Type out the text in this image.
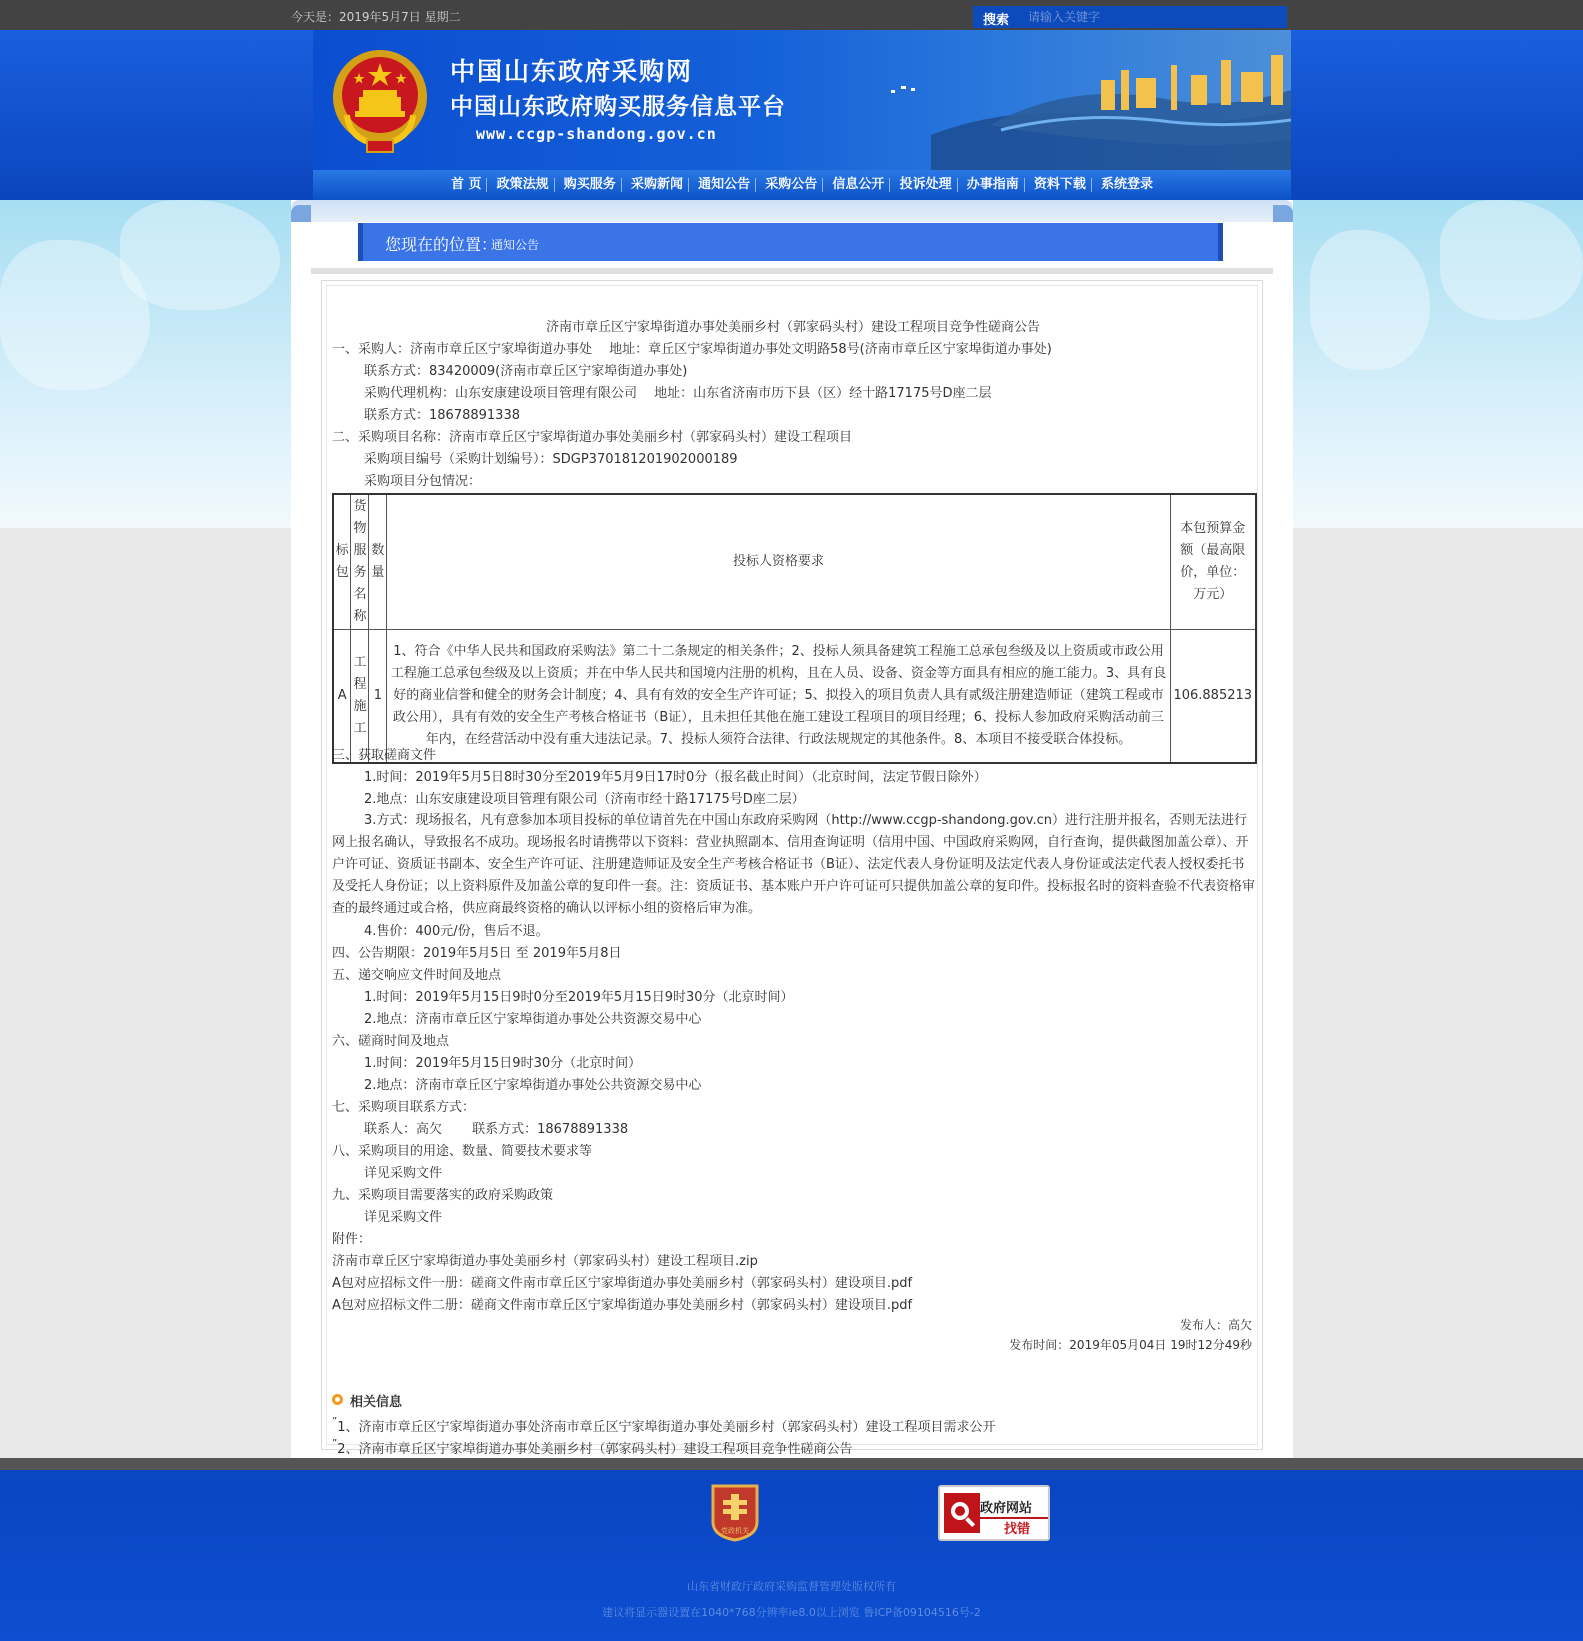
今天是：2019年5月7日 星期二	搜索
请输入关键字
中国山东政府采购网
中国山东政府购买服务信息平台
www.ccgp-shandong.gov.cn
首 页 政策法规 购买服务 采购新闻 通知公告 采购公告 信息公开 投诉处理 办事指南 资料下载 系统登录
您现在的位置：
通知公告
济南市章丘区宁家埠街道办事处美丽乡村（郭家码头村）建设工程项目竞争性磋商公告
一、采购人：济南市章丘区宁家埠街道办事处　 地址：章丘区宁家埠街道办事处文明路58号(济南市章丘区宁家埠街道办事处)
联系方式：83420009(济南市章丘区宁家埠街道办事处)
采购代理机构：山东安康建设项目管理有限公司　 地址：山东省济南市历下县（区）经十路17175号D座二层
联系方式：18678891338
二、采购项目名称：济南市章丘区宁家埠街道办事处美丽乡村（郭家码头村）建设工程项目
采购项目编号（采购计划编号）：SDGP370181201902000189
采购项目分包情况：
标包	货物服务名称	数量	投标人资格要求	本包预算金额（最高限价，单位：万元）
A	工程施工	1	1、符合《中华人民共和国政府采购法》第二十二条规定的相关条件；2、投标人须具备建筑工程施工总承包叁级及以上资质或市政公用工程施工总承包叁级及以上资质；并在中华人民共和国境内注册的机构，且在人员、设备、资金等方面具有相应的施工能力。3、具有良好的商业信誉和健全的财务会计制度；4、具有有效的安全生产许可证；5、拟投入的项目负责人具有贰级注册建造师证（建筑工程或市政公用），具有有效的安全生产考核合格证书（B证），且未担任其他在施工建设工程项目的项目经理；6、投标人参加政府采购活动前三年内，在经营活动中没有重大违法记录。7、投标人须符合法律、行政法规规定的其他条件。8、本项目不接受联合体投标。	106.885213
三、获取磋商文件
1.时间：2019年5月5日8时30分至2019年5月9日17时0分（报名截止时间）（北京时间，法定节假日除外）
2.地点：山东安康建设项目管理有限公司（济南市经十路17175号D座二层）
3.方式：现场报名，凡有意参加本项目投标的单位请首先在中国山东政府采购网（http://www.ccgp-shandong.gov.cn）进行注册并报名，否则无法进行网上报名确认，导致报名不成功。现场报名时请携带以下资料：营业执照副本、信用查询证明（信用中国、中国政府采购网，自行查询，提供截图加盖公章）、开户许可证、资质证书副本、安全生产许可证、注册建造师证及安全生产考核合格证书（B证）、法定代表人身份证明及法定代表人身份证或法定代表人授权委托书及受托人身份证；以上资料原件及加盖公章的复印件一套。注：资质证书、基本账户开户许可证可只提供加盖公章的复印件。投标报名时的资料查验不代表资格审查的最终通过或合格，供应商最终资格的确认以评标小组的资格后审为准。
4.售价：400元/份，售后不退。
四、公告期限：2019年5月5日 至 2019年5月8日
五、递交响应文件时间及地点
1.时间：2019年5月15日9时0分至2019年5月15日9时30分（北京时间）
2.地点：济南市章丘区宁家埠街道办事处公共资源交易中心
六、磋商时间及地点
1.时间：2019年5月15日9时30分（北京时间）
2.地点：济南市章丘区宁家埠街道办事处公共资源交易中心
七、采购项目联系方式：
联系人：高欠　　 联系方式：18678891338
八、采购项目的用途、数量、简要技术要求等
详见采购文件
九、采购项目需要落实的政府采购政策
详见采购文件
附件：
济南市章丘区宁家埠街道办事处美丽乡村（郭家码头村）建设工程项目.zip
A包对应招标文件一册：磋商文件南市章丘区宁家埠街道办事处美丽乡村（郭家码头村）建设项目.pdf
A包对应招标文件二册：磋商文件南市章丘区宁家埠街道办事处美丽乡村（郭家码头村）建设项目.pdf
发布人：高欠
发布时间：2019年05月04日 19时12分49秒
相关信息
”1、济南市章丘区宁家埠街道办事处济南市章丘区宁家埠街道办事处美丽乡村（郭家码头村）建设工程项目需求公开
”2、济南市章丘区宁家埠街道办事处美丽乡村（郭家码头村）建设工程项目竞争性磋商公告
党政机关
政府网站
找错
山东省财政厅政府采购监督管理处版权所有
建议将显示器设置在1040*768分辨率ie8.0以上浏览 鲁ICP备09104516号-2
